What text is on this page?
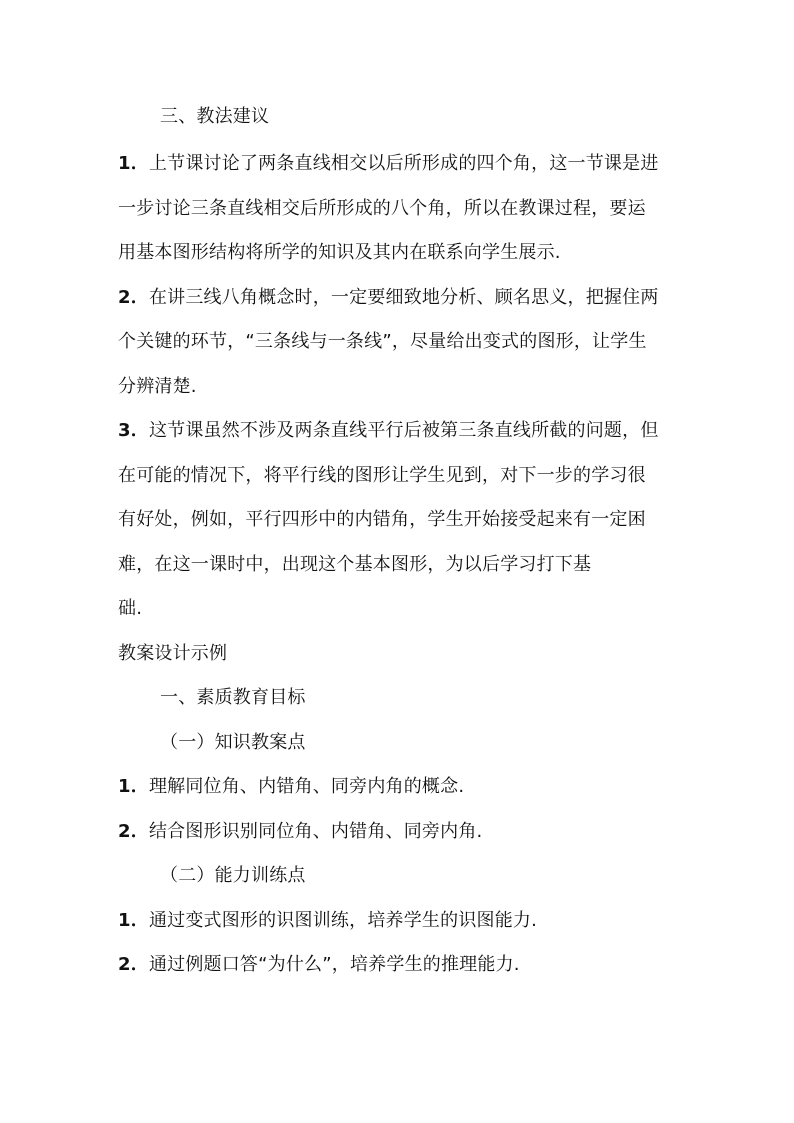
三、教法建议
1．上节课讨论了两条直线相交以后所形成的四个角，这一节课是进
一步讨论三条直线相交后所形成的八个角，所以在教课过程，要运
用基本图形结构将所学的知识及其内在联系向学生展示.
2．在讲三线八角概念时，一定要细致地分析、顾名思义，把握住两
个关键的环节，“三条线与一条线”，尽量给出变式的图形，让学生
分辨清楚.
3．这节课虽然不涉及两条直线平行后被第三条直线所截的问题，但
在可能的情况下，将平行线的图形让学生见到，对下一步的学习很
有好处，例如，平行四形中的内错角，学生开始接受起来有一定困
难，在这一课时中，出现这个基本图形，为以后学习打下基
础.
教案设计示例
一、素质教育目标
（一）知识教案点
1．理解同位角、内错角、同旁内角的概念.
2．结合图形识别同位角、内错角、同旁内角.
（二）能力训练点
1．通过变式图形的识图训练，培养学生的识图能力.
2．通过例题口答“为什么”，培养学生的推理能力.
